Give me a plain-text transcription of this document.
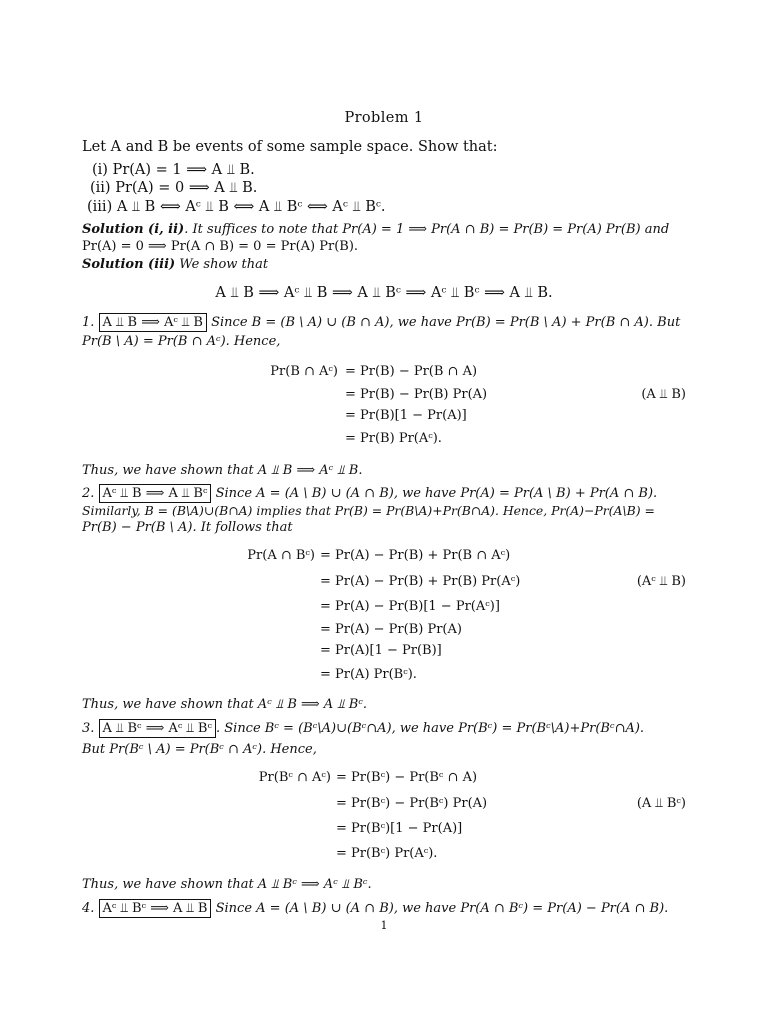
Problem 1
Let A and B be events of some sample space. Show that:
(i) Pr(A) = 1 ⟹ A ⫫ B.
(ii) Pr(A) = 0 ⟹ A ⫫ B.
(iii) A ⫫ B ⟺ Aᶜ ⫫ B ⟺ A ⫫ Bᶜ ⟺ Aᶜ ⫫ Bᶜ.
Solution (i, ii). It suffices to note that Pr(A) = 1 ⟹ Pr(A ∩ B) = Pr(B) = Pr(A) Pr(B) and
Pr(A) = 0 ⟹ Pr(A ∩ B) = 0 = Pr(A) Pr(B).
Solution (iii) We show that
A ⫫ B ⟹ Aᶜ ⫫ B ⟹ A ⫫ Bᶜ ⟹ Aᶜ ⫫ Bᶜ ⟹ A ⫫ B.
1. A ⫫ B ⟹ Aᶜ ⫫ B Since B = (B \ A) ∪ (B ∩ A), we have Pr(B) = Pr(B \ A) + Pr(B ∩ A). But
Pr(B \ A) = Pr(B ∩ Aᶜ). Hence,
Pr(B ∩ Aᶜ) = Pr(B) − Pr(B ∩ A)
= Pr(B) − Pr(B) Pr(A)	(A ⫫ B)
= Pr(B)[1 − Pr(A)]
= Pr(B) Pr(Aᶜ).
Thus, we have shown that A ⫫ B ⟹ Aᶜ ⫫ B.
2. Aᶜ ⫫ B ⟹ A ⫫ Bᶜ Since A = (A \ B) ∪ (A ∩ B), we have Pr(A) = Pr(A \ B) + Pr(A ∩ B).
Similarly, B = (B\A)∪(B∩A) implies that Pr(B) = Pr(B\A)+Pr(B∩A). Hence, Pr(A)−Pr(A\B) =
Pr(B) − Pr(B \ A). It follows that
Pr(A ∩ Bᶜ) = Pr(A) − Pr(B) + Pr(B ∩ Aᶜ)
= Pr(A) − Pr(B) + Pr(B) Pr(Aᶜ)	(Aᶜ ⫫ B)
= Pr(A) − Pr(B)[1 − Pr(Aᶜ)]
= Pr(A) − Pr(B) Pr(A)
= Pr(A)[1 − Pr(B)]
= Pr(A) Pr(Bᶜ).
Thus, we have shown that Aᶜ ⫫ B ⟹ A ⫫ Bᶜ.
3. A ⫫ Bᶜ ⟹ Aᶜ ⫫ Bᶜ . Since Bᶜ = (Bᶜ\A)∪(Bᶜ∩A), we have Pr(Bᶜ) = Pr(Bᶜ\A)+Pr(Bᶜ∩A).
But Pr(Bᶜ \ A) = Pr(Bᶜ ∩ Aᶜ). Hence,
Pr(Bᶜ ∩ Aᶜ) = Pr(Bᶜ) − Pr(Bᶜ ∩ A)
= Pr(Bᶜ) − Pr(Bᶜ) Pr(A)	(A ⫫ Bᶜ)
= Pr(Bᶜ)[1 − Pr(A)]
= Pr(Bᶜ) Pr(Aᶜ).
Thus, we have shown that A ⫫ Bᶜ ⟹ Aᶜ ⫫ Bᶜ.
4. Aᶜ ⫫ Bᶜ ⟹ A ⫫ B Since A = (A \ B) ∪ (A ∩ B), we have Pr(A ∩ Bᶜ) = Pr(A) − Pr(A ∩ B).
1
